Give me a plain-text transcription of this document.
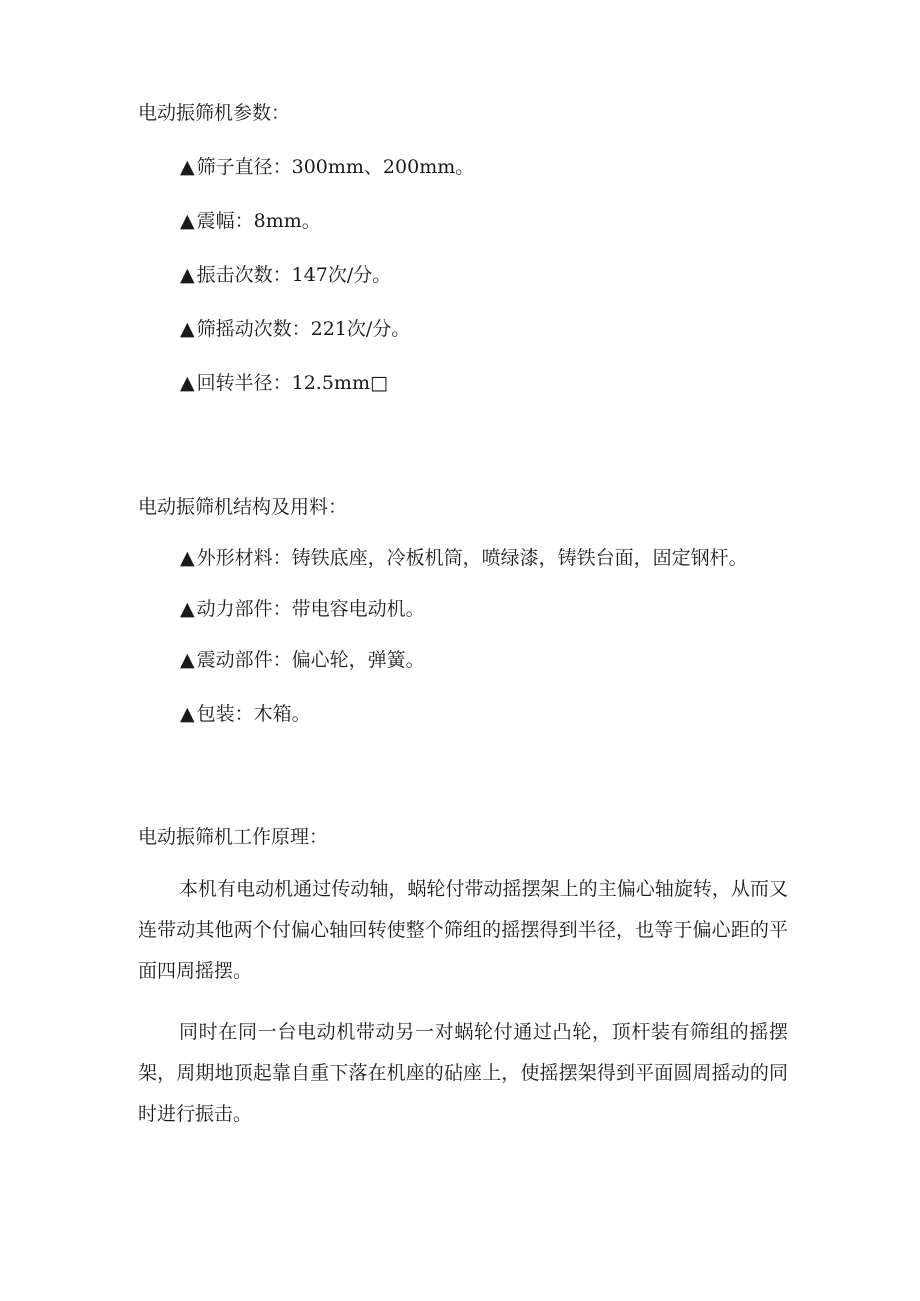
电动振筛机参数：
▲ 筛子直径：300mm、200mm。
▲ 震幅：8mm。
▲ 振击次数：147次/分。
▲ 筛摇动次数：221次/分。
▲ 回转半径：12.5mm□
电动振筛机结构及用料：
▲ 外形材料：铸铁底座，冷板机筒，喷绿漆，铸铁台面，固定钢杆。
▲ 动力部件：带电容电动机。
▲ 震动部件：偏心轮，弹簧。
▲ 包装：木箱。
电动振筛机工作原理：

本机有电动机通过传动轴，蜗轮付带动摇摆架上的主偏心轴旋转，从而又连带动其他两个付偏心轴回转使整个筛组的摇摆得到半径，也等于偏心距的平面四周摇摆。

同时在同一台电动机带动另一对蜗轮付通过凸轮，顶杆装有筛组的摇摆架，周期地顶起靠自重下落在机座的砧座上，使摇摆架得到平面圆周摇动的同时进行振击。
